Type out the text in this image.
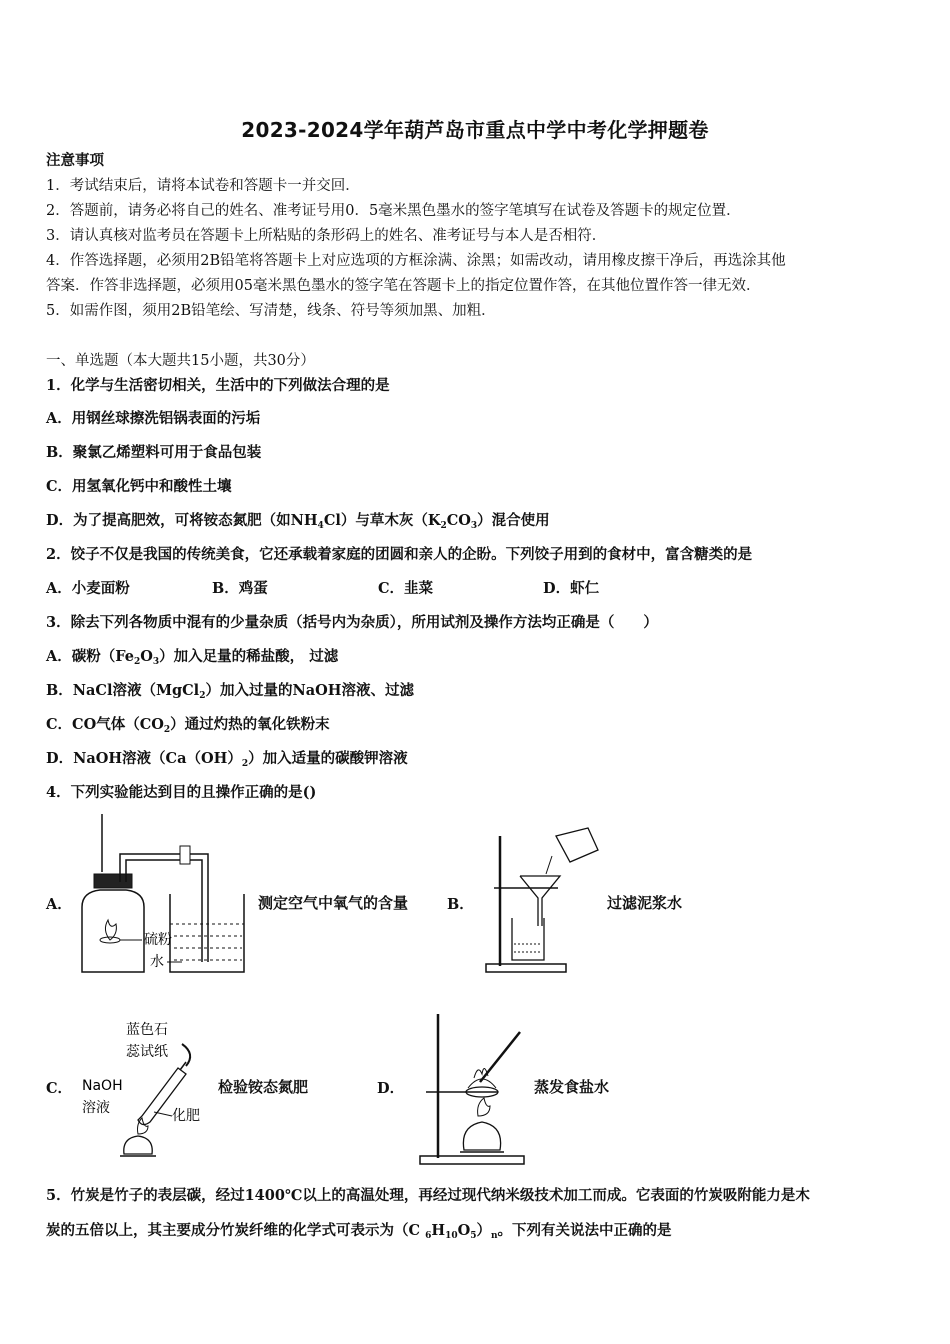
2023-2024学年葫芦岛市重点中学中考化学押题卷
注意事项
1．考试结束后，请将本试卷和答题卡一并交回．
2．答题前，请务必将自己的姓名、准考证号用0．5毫米黑色墨水的签字笔填写在试卷及答题卡的规定位置．
3．请认真核对监考员在答题卡上所粘贴的条形码上的姓名、准考证号与本人是否相符．
4．作答选择题，必须用2B铅笔将答题卡上对应选项的方框涂满、涂黑；如需改动，请用橡皮擦干净后，再选涂其他
答案．作答非选择题，必须用05毫米黑色墨水的签字笔在答题卡上的指定位置作答，在其他位置作答一律无效．
5．如需作图，须用2B铅笔绘、写清楚，线条、符号等须加黑、加粗．
一、单选题（本大题共15小题，共30分）
1．化学与生活密切相关，生活中的下列做法合理的是
A．用钢丝球擦洗铝锅表面的污垢
B．聚氯乙烯塑料可用于食品包装
C．用氢氧化钙中和酸性土壤
D．为了提高肥效，可将铵态氮肥（如$NH_4Cl$）与草木灰$(K_2CO_3)$混合使用
2．饺子不仅是我国的传统美食，它还承载着家庭的团圆和亲人的企盼。下列饺子用到的食材中，富含糖类的是
A．小麦面粉	B．鸡蛋	C．韭菜	D．虾仁
3．除去下列各物质中混有的少量杂质（括号内为杂质），所用试剂及操作方法均正确是（　　）
A．碳粉$(Fe_2O_3)$加入足量的稀盐酸， 过滤
B．NaCl溶液（MgCl$_2$）加入过量的NaOH溶液、过滤
C．CO气体$(CO_2)$通过灼热的氧化铁粉末
D．NaOH溶液$(Ca(OH)_2)$加入适量的碳酸钾溶液
4．下列实验能达到目的且操作正确的是()
A．
硫粉
水
测定空气中氧气的含量	B．	过滤泥浆水
C．
蓝色石
蕊试纸
NaOH
溶液	化肥
检验铵态氮肥	D．	蒸发食盐水
5．竹炭是竹子的表层碳，经过1400℃以上的高温处理，再经过现代纳米级技术加工而成。它表面的竹炭吸附能力是木
炭的五倍以上，其主要成分竹炭纤维的化学式可表示为（C $_6H_{10}O_5)_n$。下列有关说法中正确的是
